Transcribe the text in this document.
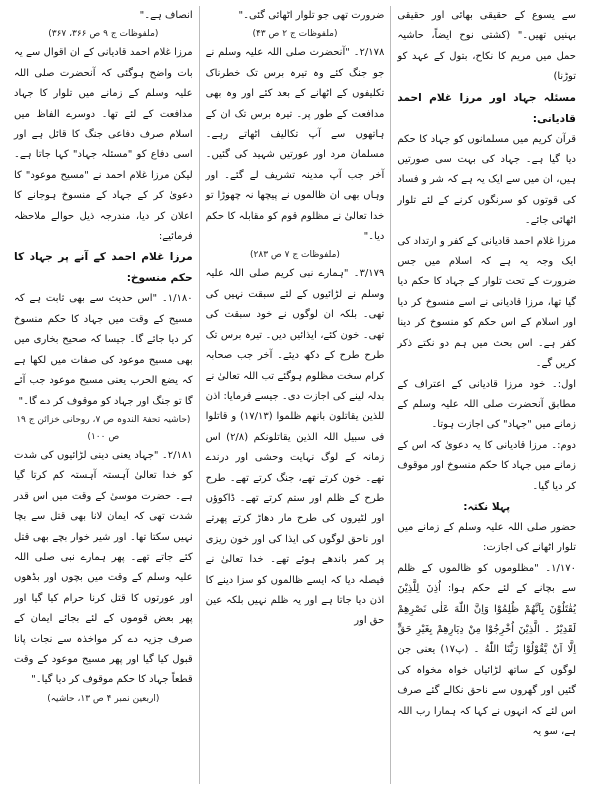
سے یسوع کے حقیقی بھائی اور حقیقی بہنیں تھیں۔" (کشتی نوح ایضاً، حاشیہ حمل میں مریم کا نکاح، بتول کے عہد کو توڑنا)

مسئلہ جہاد اور مرزا غلام احمد قادیانی:

قرآن کریم میں مسلمانوں کو جہاد کا حکم دیا گیا ہے۔ جہاد کی بہت سی صورتیں ہیں، ان میں سے ایک یہ ہے کہ شر و فساد کی قوتوں کو سرنگوں کرنے کے لئے تلوار اٹھائی جائے۔

مرزا غلام احمد قادیانی کے کفر و ارتداد کی ایک وجہ یہ ہے کہ اسلام میں جس ضرورت کے تحت تلوار کے جہاد کا حکم دیا گیا تھا، مرزا قادیانی نے اسے منسوخ کر دیا اور اسلام کے اس حکم کو منسوخ کر دینا کفر ہے۔ اس بحث میں ہم دو نکتے ذکر کریں گے۔

اول:۔ خود مرزا قادیانی کے اعتراف کے مطابق آنحضرت صلی اللہ علیہ وسلم کے زمانے میں "جہاد" کی اجازت ہوتا۔

دوم:۔ مرزا قادیانی کا یہ دعویٰ کہ اس کے زمانے میں جہاد کا حکم منسوخ اور موقوف کر دیا گیا۔

پہلا نکتہ:

حضور صلی اللہ علیہ وسلم کے زمانے میں تلوار اٹھانے کی اجازت:

۱/۱۷۰۔ "مظلوموں کو ظالموں کے ظلم سے بچانے کے لئے حکم ہوا: اُذِنَ لِلَّذِیْنَ یُقٰتَلُوْنَ بِاَنَّهُمْ ظُلِمُوْا وَاِنَّ اللّٰهَ عَلٰی نَصْرِهِمْ لَقَدِیْرُ ۔ الَّذِیْنَ اُخْرِجُوْا مِنْ دِیَارِهِمْ بِغَیْرِ حَقٍّ اِلَّا اَنْ یَّقُوْلُوْا رَبُّنَا اللّٰهُ ۔ (پ۱۷) یعنی جن لوگوں کے ساتھ لڑائیاں خواہ مخواہ کی گئیں اور گھروں سے ناحق نکالے گئے صرف اس لئے کہ انہوں نے کہا کہ ہمارا رب اللہ ہے، سو یہ

ضرورت تھی جو تلوار اٹھائی گئی۔"

(ملفوظات ج ۲ ص ۴۳)

۲/۱۷۸۔ "آنحضرت صلی اللہ علیہ وسلم نے جو جنگ کئے وہ تیرہ برس تک خطرناک تکلیفوں کے اٹھانے کے بعد کئے اور وہ بھی مدافعت کے طور پر۔ تیرہ برس تک ان کے ہاتھوں سے آپ تکالیف اٹھاتے رہے۔ مسلمان مرد اور عورتیں شہید کی گئیں۔ آخر جب آپ مدینہ تشریف لے گئے۔ اور وہاں بھی ان ظالموں نے پیچھا نہ چھوڑا تو خدا تعالیٰ نے مظلوم قوم کو مقابلہ کا حکم دیا۔"

(ملفوظات ج ۷ ص ۲۸۳)

۳/۱۷۹۔ "ہمارے نبی کریم صلی اللہ علیہ وسلم نے لڑائیوں کے لئے سبقت نہیں کی تھی۔ بلکہ ان لوگوں نے خود سبقت کی تھی۔ خون کئے، ایذائیں دیں۔ تیرہ برس تک طرح طرح کے دکھ دیئے۔ آخر جب صحابہ کرام سخت مظلوم ہوگئے تب اللہ تعالیٰ نے بدلہ لینے کی اجازت دی۔ جیسے فرمایا: اذن للذین یقاتلون بانهم ظلموا (۱۷/۱۳) و قاتلوا فی سبیل اللہ الذین یقاتلونکم (۲/۸) اس زمانہ کے لوگ نہایت وحشی اور درندے تھے۔ خون کرتے تھے، جنگ کرتے تھے۔ طرح طرح کے ظلم اور ستم کرتے تھے۔ ڈاکوؤں اور لٹیروں کی طرح مار دھاڑ کرتے پھرتے اور ناحق لوگوں کی ایذا کی اور خون ریزی پر کمر باندھے ہوئے تھے۔ خدا تعالیٰ نے فیصلہ دیا کہ ایسے ظالموں کو سزا دینے کا اذن دیا جاتا ہے اور یہ ظلم نہیں بلکہ عین حق اور

انصاف ہے۔"

(ملفوظات ج ۹ ص ۳۶۶، ۳۶۷)

مرزا غلام احمد قادیانی کے ان اقوال سے یہ بات واضح ہوگئی کہ آنحضرت صلی اللہ علیہ وسلم کے زمانے میں تلوار کا جہاد مدافعت کے لئے تھا۔ دوسرے الفاظ میں اسلام صرف دفاعی جنگ کا قائل ہے اور اسی دفاع کو "مسئلہ جہاد" کہا جاتا ہے۔ لیکن مرزا غلام احمد نے "مسیح موعود" کا دعویٰ کر کے جہاد کے منسوخ ہوجانے کا اعلان کر دیا، مندرجہ ذیل حوالے ملاحظہ فرمائیے:

مرزا غلام احمد کے آنے پر جہاد کا حکم منسوخ:

۱/۱۸۰۔ "اس حدیث سے بھی ثابت ہے کہ مسیح کے وقت میں جہاد کا حکم منسوخ کر دیا جائے گا۔ جیسا کہ صحیح بخاری میں بھی مسیح موعود کی صفات میں لکھا ہے کہ یضع الحرب یعنی مسیح موعود جب آئے گا تو جنگ اور جہاد کو موقوف کر دے گا۔"

(حاشیہ تحفۃ الندوہ ص ۷، روحانی خزائن ج ۱۹ ص ۱۰۰)

۲/۱۸۱۔ "جہاد یعنی دینی لڑائیوں کی شدت کو خدا تعالیٰ آہستہ آہستہ کم کرتا گیا ہے۔ حضرت موسیٰ کے وقت میں اس قدر شدت تھی کہ ایمان لانا بھی قتل سے بچا نہیں سکتا تھا۔ اور شیر خوار بچے بھی قتل کئے جاتے تھے۔ پھر ہمارے نبی صلی اللہ علیہ وسلم کے وقت میں بچوں اور بڈھوں اور عورتوں کا قتل کرنا حرام کیا گیا اور پھر بعض قوموں کے لئے بجائے ایمان کے صرف جزیہ دے کر مواخذہ سے نجات پانا قبول کیا گیا اور پھر مسیح موعود کے وقت قطعاً جہاد کا حکم موقوف کر دیا گیا۔"

(اربعین نمبر ۴ ص ۱۳، حاشیہ)
